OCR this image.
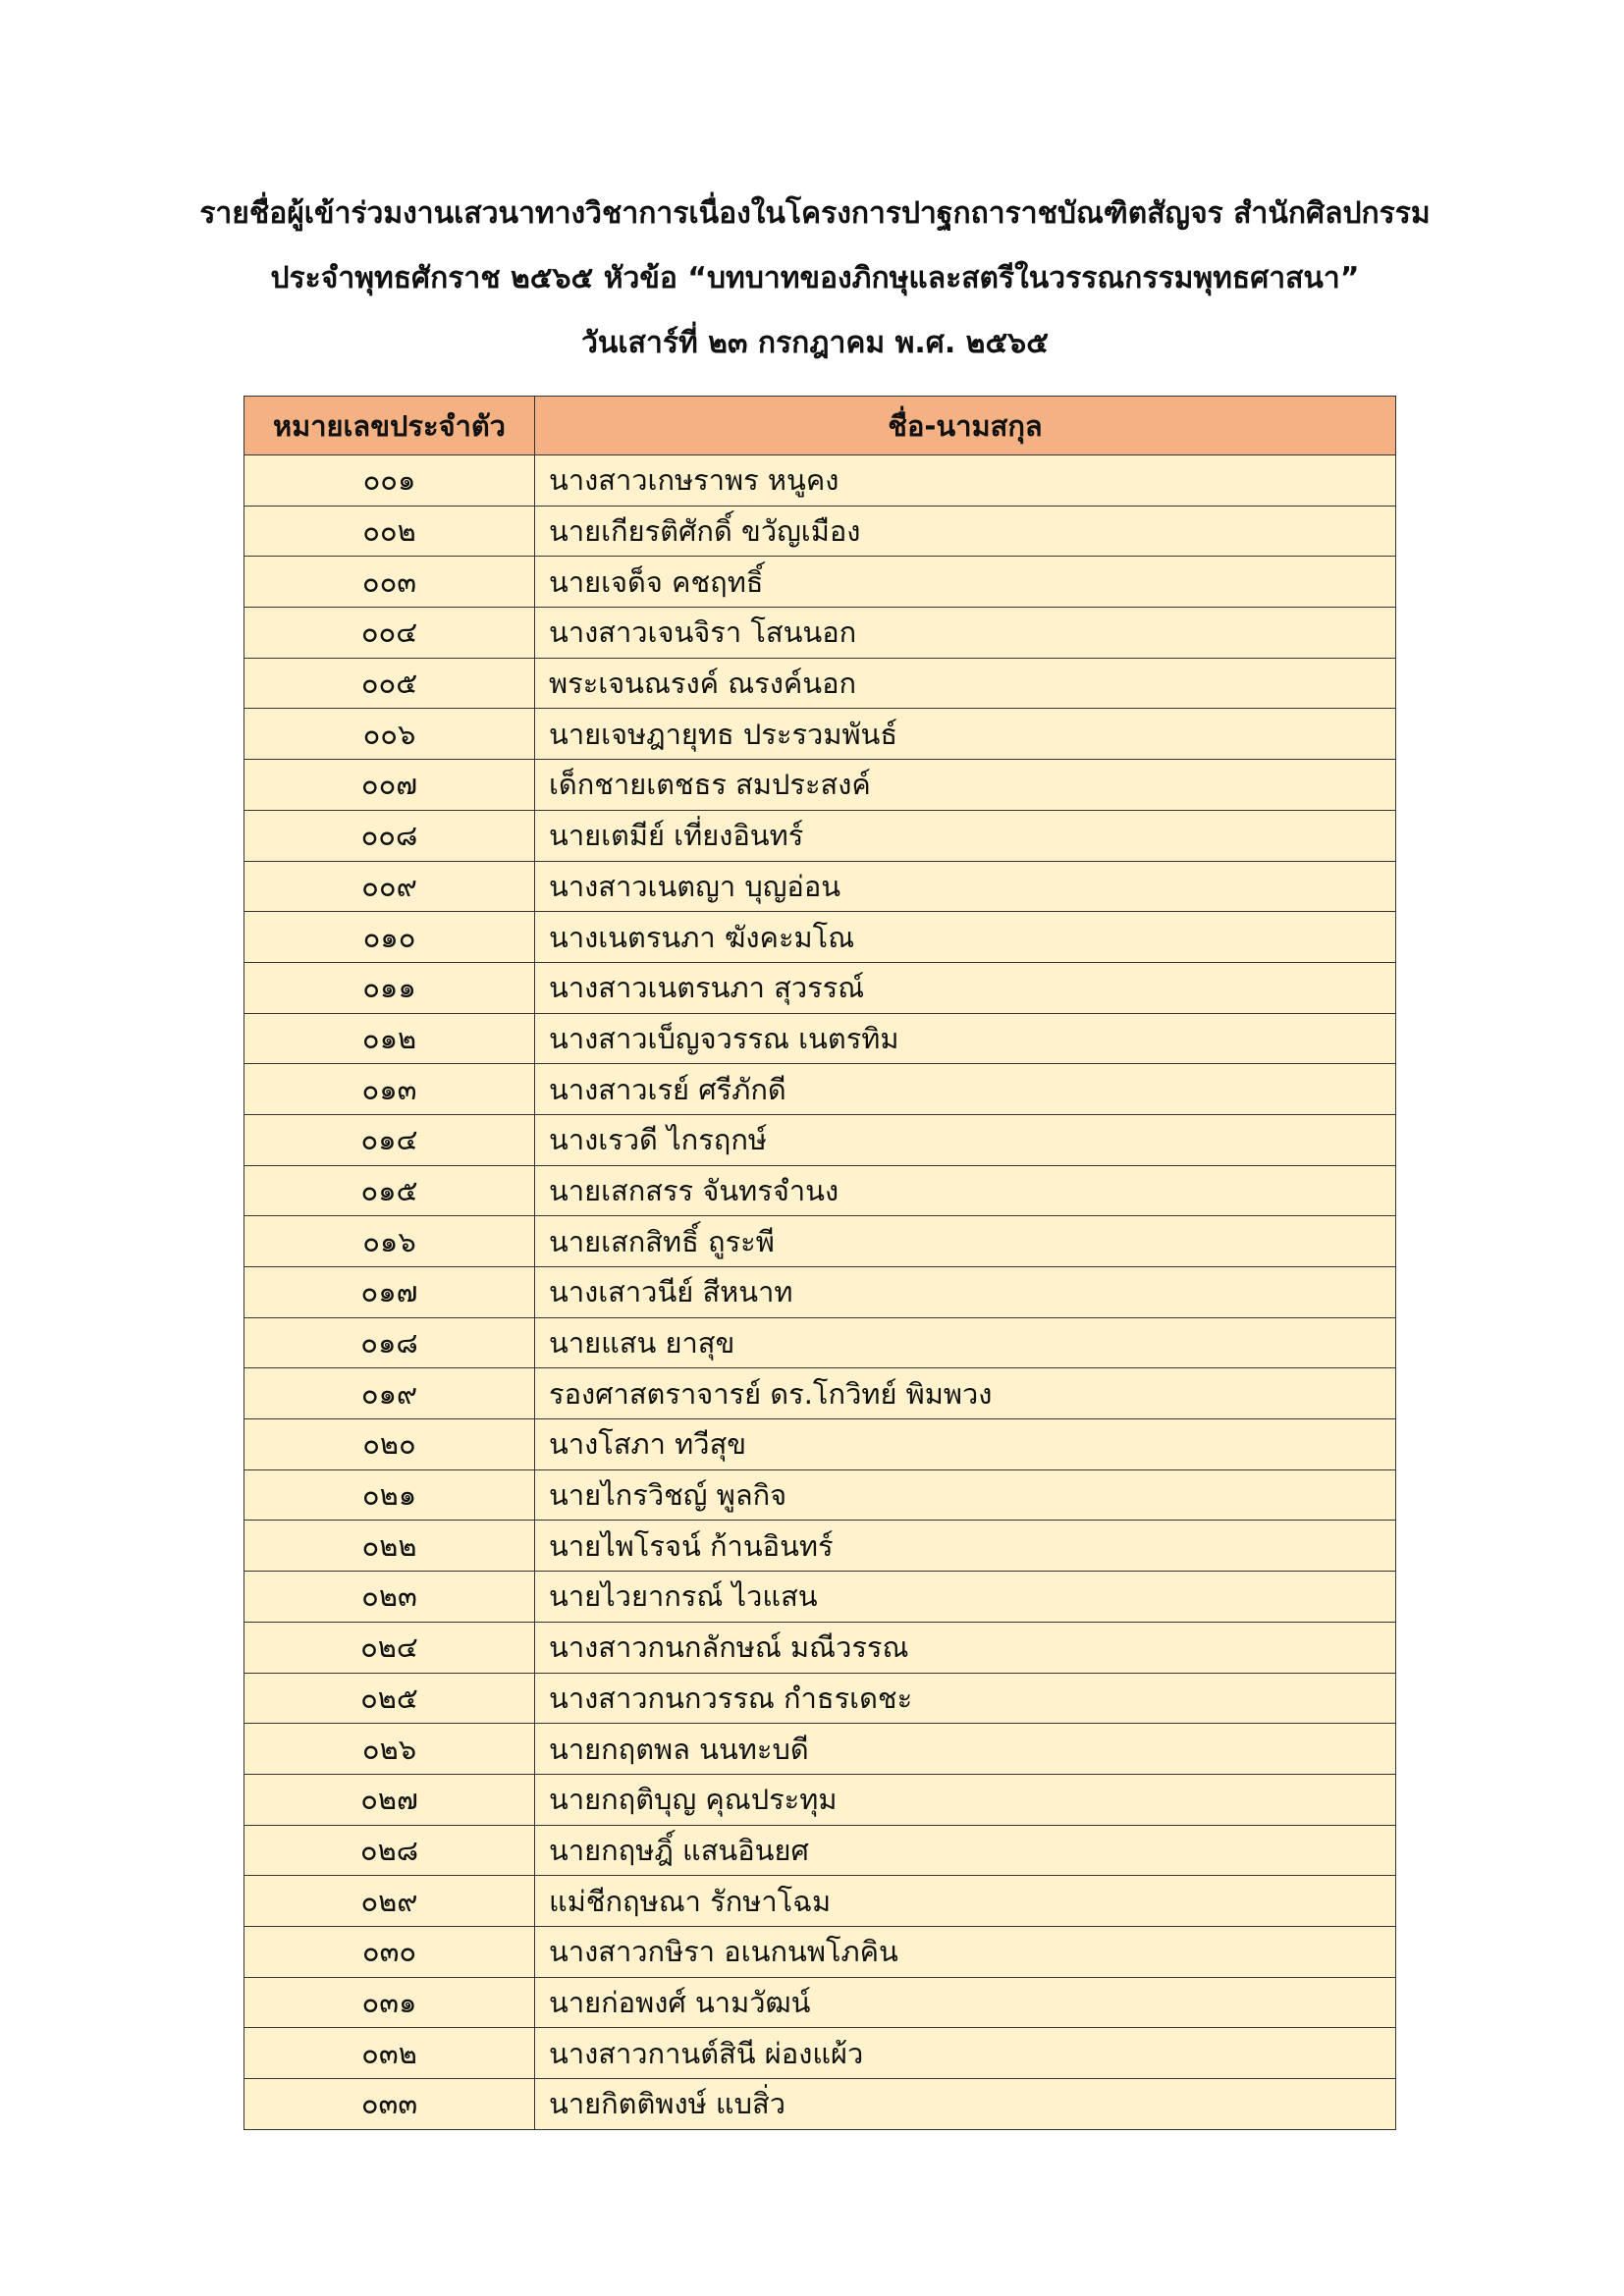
รายชื่อผู้เข้าร่วมงานเสวนาทางวิชาการเนื่องในโครงการปาฐกถาราชบัณฑิตสัญจร สำนักศิลปกรรม
ประจำพุทธศักราช ๒๕๖๕ หัวข้อ “บทบาทของภิกษุและสตรีในวรรณกรรมพุทธศาสนา”
วันเสาร์ที่ ๒๓ กรกฎาคม พ.ศ. ๒๕๖๕
หมายเลขประจำตัว	ชื่อ-นามสกุล
๐๐๑	นางสาวเกษราพร หนูคง
๐๐๒	นายเกียรติศักดิ์ ขวัญเมือง
๐๐๓	นายเจด็จ คชฤทธิ์
๐๐๔	นางสาวเจนจิรา โสนนอก
๐๐๕	พระเจนณรงค์ ณรงค์นอก
๐๐๖	นายเจษฎายุทธ ประรวมพันธ์
๐๐๗	เด็กชายเตชธร สมประสงค์
๐๐๘	นายเตมีย์ เที่ยงอินทร์
๐๐๙	นางสาวเนตญา บุญอ่อน
๐๑๐	นางเนตรนภา ฆังคะมโณ
๐๑๑	นางสาวเนตรนภา สุวรรณ์
๐๑๒	นางสาวเบ็ญจวรรณ เนตรทิม
๐๑๓	นางสาวเรย์ ศรีภักดี
๐๑๔	นางเรวดี ไกรฤกษ์
๐๑๕	นายเสกสรร จันทรจำนง
๐๑๖	นายเสกสิทธิ์ ถูระพี
๐๑๗	นางเสาวนีย์ สีหนาท
๐๑๘	นายแสน ยาสุข
๐๑๙	รองศาสตราจารย์ ดร.โกวิทย์ พิมพวง
๐๒๐	นางโสภา ทวีสุข
๐๒๑	นายไกรวิชญ์ พูลกิจ
๐๒๒	นายไพโรจน์ ก้านอินทร์
๐๒๓	นายไวยากรณ์ ไวแสน
๐๒๔	นางสาวกนกลักษณ์ มณีวรรณ
๐๒๕	นางสาวกนกวรรณ กำธรเดชะ
๐๒๖	นายกฤตพล นนทะบดี
๐๒๗	นายกฤติบุญ คุณประทุม
๐๒๘	นายกฤษฎิ์ แสนอินยศ
๐๒๙	แม่ชีกฤษณา รักษาโฉม
๐๓๐	นางสาวกษิรา อเนกนพโภคิน
๐๓๑	นายก่อพงศ์ นามวัฒน์
๐๓๒	นางสาวกานต์สินี ผ่องแผ้ว
๐๓๓	นายกิตติพงษ์ แบสิ่ว
